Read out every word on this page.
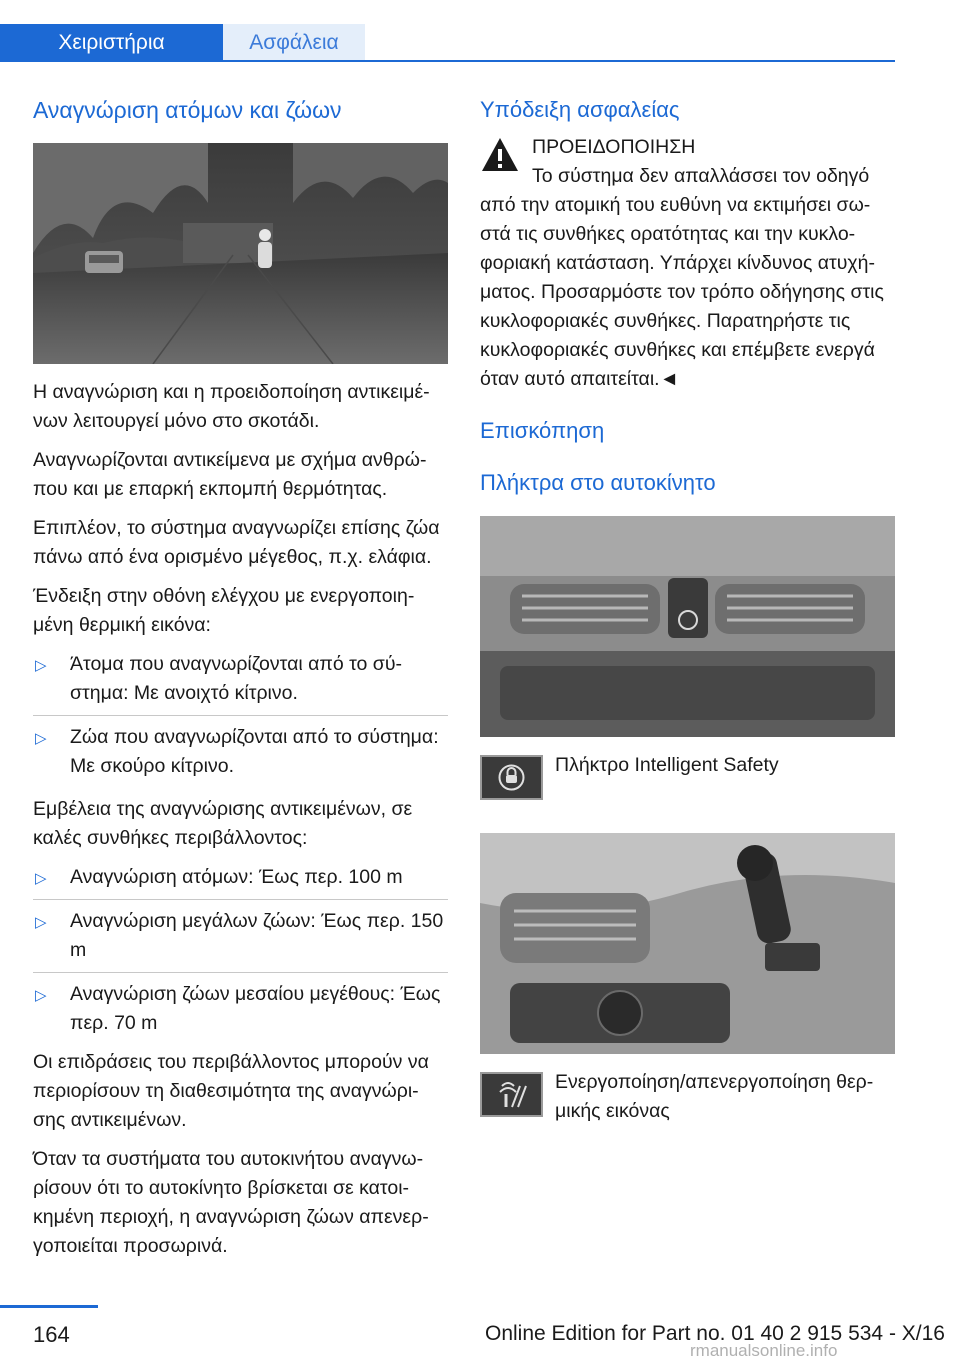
Χειριστήρια	Ασφάλεια
Αναγνώριση ατόμων και ζώων

Η αναγνώριση και η προειδοποίηση αντικειμέ‐ νων λειτουργεί μόνο στο σκοτάδι.

Αναγνωρίζονται αντικείμενα με σχήμα ανθρώ‐ που και με επαρκή εκπομπή θερμότητας.

Επιπλέον, το σύστημα αναγνωρίζει επίσης ζώα πάνω από ένα ορισμένο μέγεθος, π.χ. ελάφια.

Ένδειξη στην οθόνη ελέγχου με ενεργοποιη‐ μένη θερμική εικόνα:

▷ Άτομα που αναγνωρίζονται από το σύ‐ στημα: Με ανοιχτό κίτρινο.
▷ Ζώα που αναγνωρίζονται από το σύστημα: Με σκούρο κίτρινο.

Εμβέλεια της αναγνώρισης αντικειμένων, σε καλές συνθήκες περιβάλλοντος:

▷ Αναγνώριση ατόμων: Έως περ. 100 m
▷ Αναγνώριση μεγάλων ζώων: Έως περ. 150 m
▷ Αναγνώριση ζώων μεσαίου μεγέθους: Έως περ. 70 m

Οι επιδράσεις του περιβάλλοντος μπορούν να περιορίσουν τη διαθεσιμότητα της αναγνώρι‐ σης αντικειμένων.

Όταν τα συστήματα του αυτοκινήτου αναγνω‐ ρίσουν ότι το αυτοκίνητο βρίσκεται σε κατοι‐ κημένη περιοχή, η αναγνώριση ζώων απενερ‐ γοποιείται προσωρινά.

Υπόδειξη ασφαλείας

ΠΡΟΕΙΔΟΠΟΙΗΣΗ

Το σύστημα δεν απαλλάσσει τον οδηγό από την ατομική του ευθύνη να εκτιμήσει σω‐ στά τις συνθήκες ορατότητας και την κυκλο‐ φοριακή κατάσταση. Υπάρχει κίνδυνος ατυχή‐ ματος. Προσαρμόστε τον τρόπο οδήγησης στις κυκλοφοριακές συνθήκες. Παρατηρήστε τις κυκλοφοριακές συνθήκες και επέμβετε ενεργά όταν αυτό απαιτείται.◄

Επισκόπηση
Πλήκτρα στο αυτοκίνητο
Πλήκτρο Intelligent Safety
Ενεργοποίηση/απενεργοποίηση θερ‐ μικής εικόνας
164	Online Edition for Part no. 01 40 2 915 534 - X/16
rmanualsonline.info
